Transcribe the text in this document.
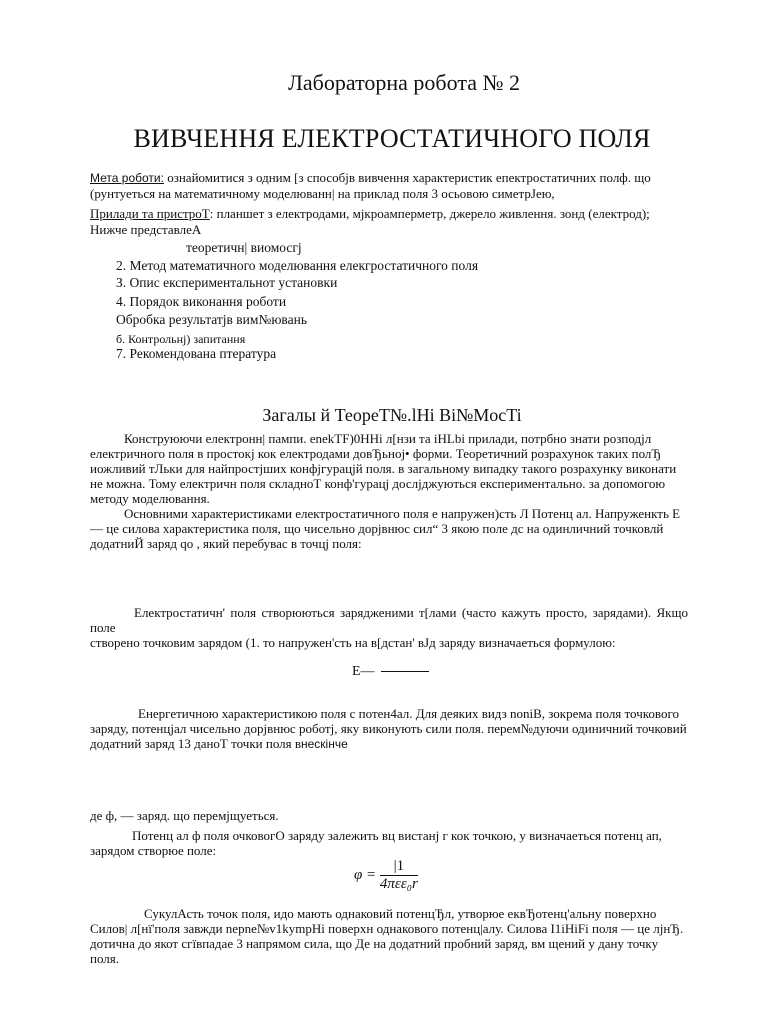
Лабораторна робота № 2
ВИВЧЕННЯ ЕЛЕКТРОСТАТИЧНОГО ПОЛЯ
Мета роботи: ознайомитися з одним [з способјв вивчення характеристик епектростатичних полф. що
(рунтуеться на математичному моделюванн| на приклад поля 3 осьовою симетрЈею,
Прилади та пристроТ: планшет з електродами, мјкроамперметр, джерело живлення. зонд (електрод);
Нижче представлеА
теоретичн| виомосгј
2. Метод математичного моделювання елекгростатичного поля
З. Опис експериментальнот установки
4. Порядок виконання роботи
Обробка результатјв вим№ювань
б. Контрольнј) запитання
7. Рекомендована птература
Загалы й ТеореТ№.lHi Bi№MocTi
Конструюючи електронн| пампи. enekTF)0HHi л[нзи та iHLbi прилади, потрбно знати розподјл
електричного поля в простокј кок електродами довЂьноj• форми. Теоретичний розрахунок таких полЂ
иожливий тЛьки для найпростјших конфјгурацјй поля. в загальному випадку такого розрахунку виконати
не можна. Тому електричн поля складноТ конф'гурацј дослјджуються експериментально. за допомогою
методу моделювання.
Основними характеристиками електростатичного поля е напружен)сть Л Потенц ал. Напруженкть Е
— це силова характеристика поля, що чисельно дорјвнюс сил“ 3 якою поле дс на одинличний точковлй
додатниЙ заряд qo , який перебувас в точцј поля:
Електростатичн' поля створюються зарядженими т[лами (часто кажуть просто, зарядами). Якщо поле
створено точковим зарядом (1. то напружен'сть на в[дстан' вЈд заряду визначаеться формулою:
E—
Енергетичною характеристикою поля с потен4ал. Для деяких видз noniB, зокрема поля точкового
заряду, потенцјал чисельно дорјвнюс роботј, яку виконують сили поля. перем№дуючи одиничний точковий
додатний заряд 13 даноТ точки поля внескінче
де ф, — заряд. що перемјщуеться.
Потенц ал ф поля очковогО заряду залежить вц вистанј г кок точкою, у визначаеться потенц ап,
зарядом створюе поле:
$\varphi = \frac{|1}{\text{4πεε₀r}}$
СукулАсть точок поля, идо мають однаковий потенцЂл, утворюе еквЂотенц'альну поверхно
Силов| л[нї'поля завжди nepne№v1kympHi поверхн однакового потенц|алу. Силова I1iHiFi поля — це лјнЂ.
дотична до якот сгївпадае 3 напрямом сила, що Де на додатний пробний заряд, вм щений у дану точку
поля.
